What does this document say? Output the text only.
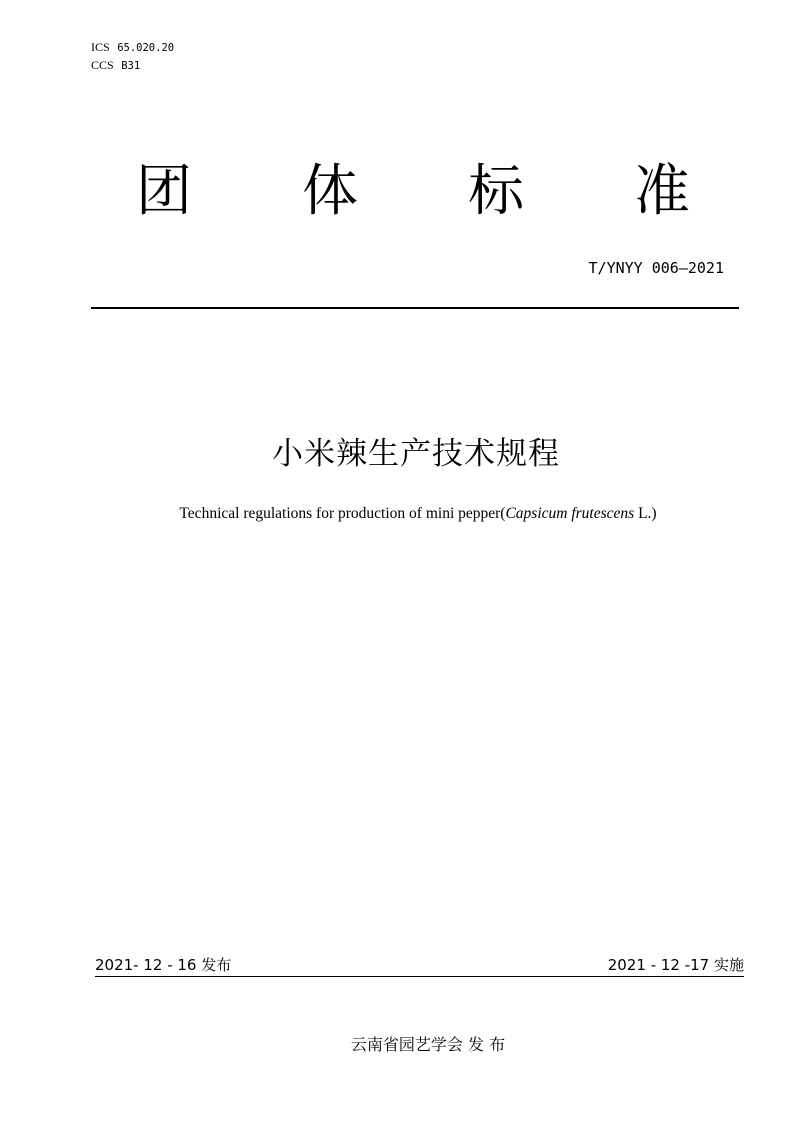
ICS 65.020.20
CCS B31
团 体 标 准
T/YNYY 006—2021
小米辣生产技术规程
Technical regulations for production of mini pepper(Capsicum frutescens L.)
2021- 12 - 16 发布	2021 - 12 -17 实施
云南省园艺学会 发 布
